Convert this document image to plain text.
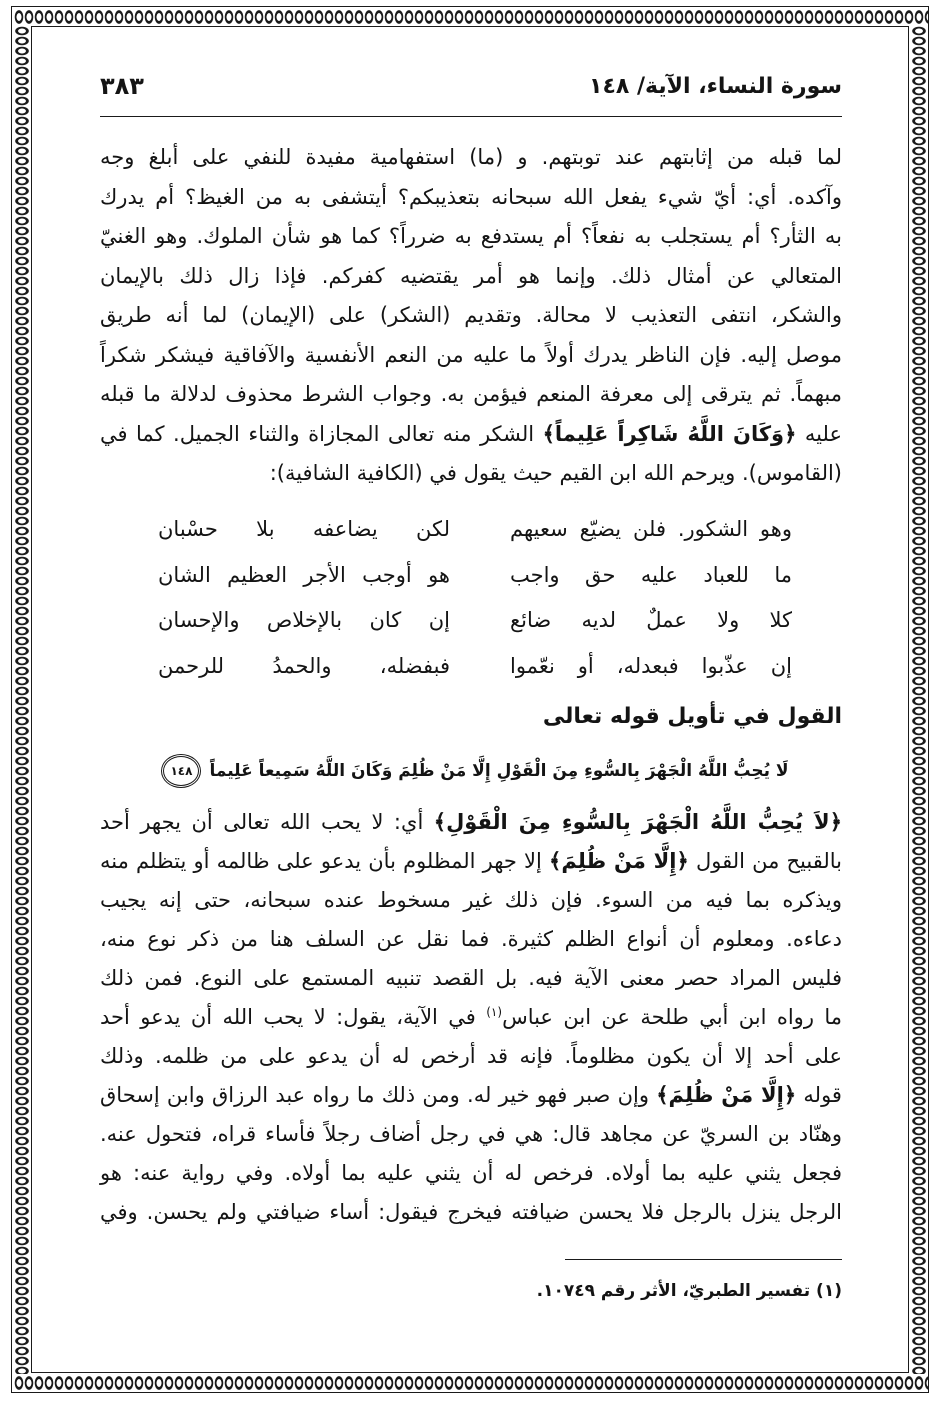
سورة النساء، الآية/ ١٤٨
٣٨٣
لما قبله من إثابتهم عند توبتهم. و (ما) استفهامية مفيدة للنفي على أبلغ وجه
وآكده. أي: أيّ شيء يفعل الله سبحانه بتعذيبكم؟ أيتشفى به من الغيظ؟ أم يدرك
به الثأر؟ أم يستجلب به نفعاً؟ أم يستدفع به ضرراً؟ كما هو شأن الملوك. وهو الغنيّ
المتعالي عن أمثال ذلك. وإنما هو أمر يقتضيه كفركم. فإذا زال ذلك بالإيمان
والشكر، انتفى التعذيب لا محالة. وتقديم (الشكر) على (الإيمان) لما أنه طريق
موصل إليه. فإن الناظر يدرك أولاً ما عليه من النعم الأنفسية والآفاقية فيشكر شكراً
مبهماً. ثم يترقى إلى معرفة المنعم فيؤمن به. وجواب الشرط محذوف لدلالة ما قبله
عليه ﴿وَكَانَ اللَّهُ شَاكِراً عَلِيماً﴾ الشكر منه تعالى المجازاة والثناء الجميل. كما في
(القاموس). ويرحم الله ابن القيم حيث يقول في (الكافية الشافية):
وهو الشكور. فلن يضيّع سعيهم
لكن يضاعفه بلا حسْبان
ما للعباد عليه حق واجب
هو أوجب الأجر العظيم الشان
كلا ولا عملٌ لديه ضائع
إن كان بالإخلاص والإحسان
إن عذّبوا فبعدله، أو نعّموا
فبفضله، والحمدُ للرحمن
القول في تأويل قوله تعالى
لَا يُحِبُّ اللَّهُ الْجَهْرَ بِالسُّوءِ مِنَ الْقَوْلِ إِلَّا مَنْ ظُلِمَ وَكَانَ اللَّهُ سَمِيعاً عَلِيماً
١٤٨
﴿لاَ يُحِبُّ اللَّهُ الْجَهْرَ بِالسُّوءِ مِنَ الْقَوْلِ﴾ أي: لا يحب الله تعالى أن يجهر أحد
بالقبيح من القول ﴿إِلَّا مَنْ ظُلِمَ﴾ إلا جهر المظلوم بأن يدعو على ظالمه أو يتظلم منه
ويذكره بما فيه من السوء. فإن ذلك غير مسخوط عنده سبحانه، حتى إنه يجيب
دعاءه. ومعلوم أن أنواع الظلم كثيرة. فما نقل عن السلف هنا من ذكر نوع منه،
فليس المراد حصر معنى الآية فيه. بل القصد تنبيه المستمع على النوع. فمن ذلك
ما رواه ابن أبي طلحة عن ابن عباس$^{(١)}$ في الآية، يقول: لا يحب الله أن يدعو أحد
على أحد إلا أن يكون مظلوماً. فإنه قد أرخص له أن يدعو على من ظلمه. وذلك
قوله ﴿إِلَّا مَنْ ظُلِمَ﴾ وإن صبر فهو خير له. ومن ذلك ما رواه عبد الرزاق وابن إسحاق
وهنّاد بن السريّ عن مجاهد قال: هي في رجل أضاف رجلاً فأساء قراه، فتحول عنه.
فجعل يثني عليه بما أولاه. فرخص له أن يثني عليه بما أولاه. وفي رواية عنه: هو
الرجل ينزل بالرجل فلا يحسن ضيافته فيخرج فيقول: أساء ضيافتي ولم يحسن. وفي
(١) تفسير الطبريّ، الأثر رقم ١٠٧٤٩.
